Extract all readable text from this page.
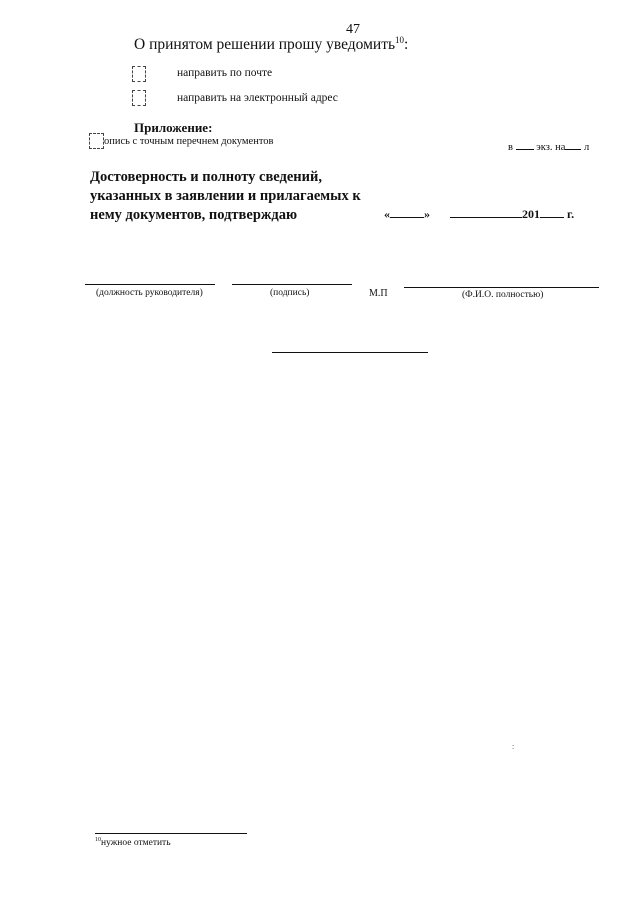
47
О принятом решении прошу уведомить$^{10}$:
направить по почте
направить на электронный адрес
Приложение:
опись с точным перечнем документов
в экз. на л
Достоверность и полноту сведений, указанных в заявлении и прилагаемых к нему документов, подтверждаю	«	»	201 г.
(должность руководителя)	(подпись)	М.П	(Ф.И.О. полностью)
:
$^{10}$нужное отметить
